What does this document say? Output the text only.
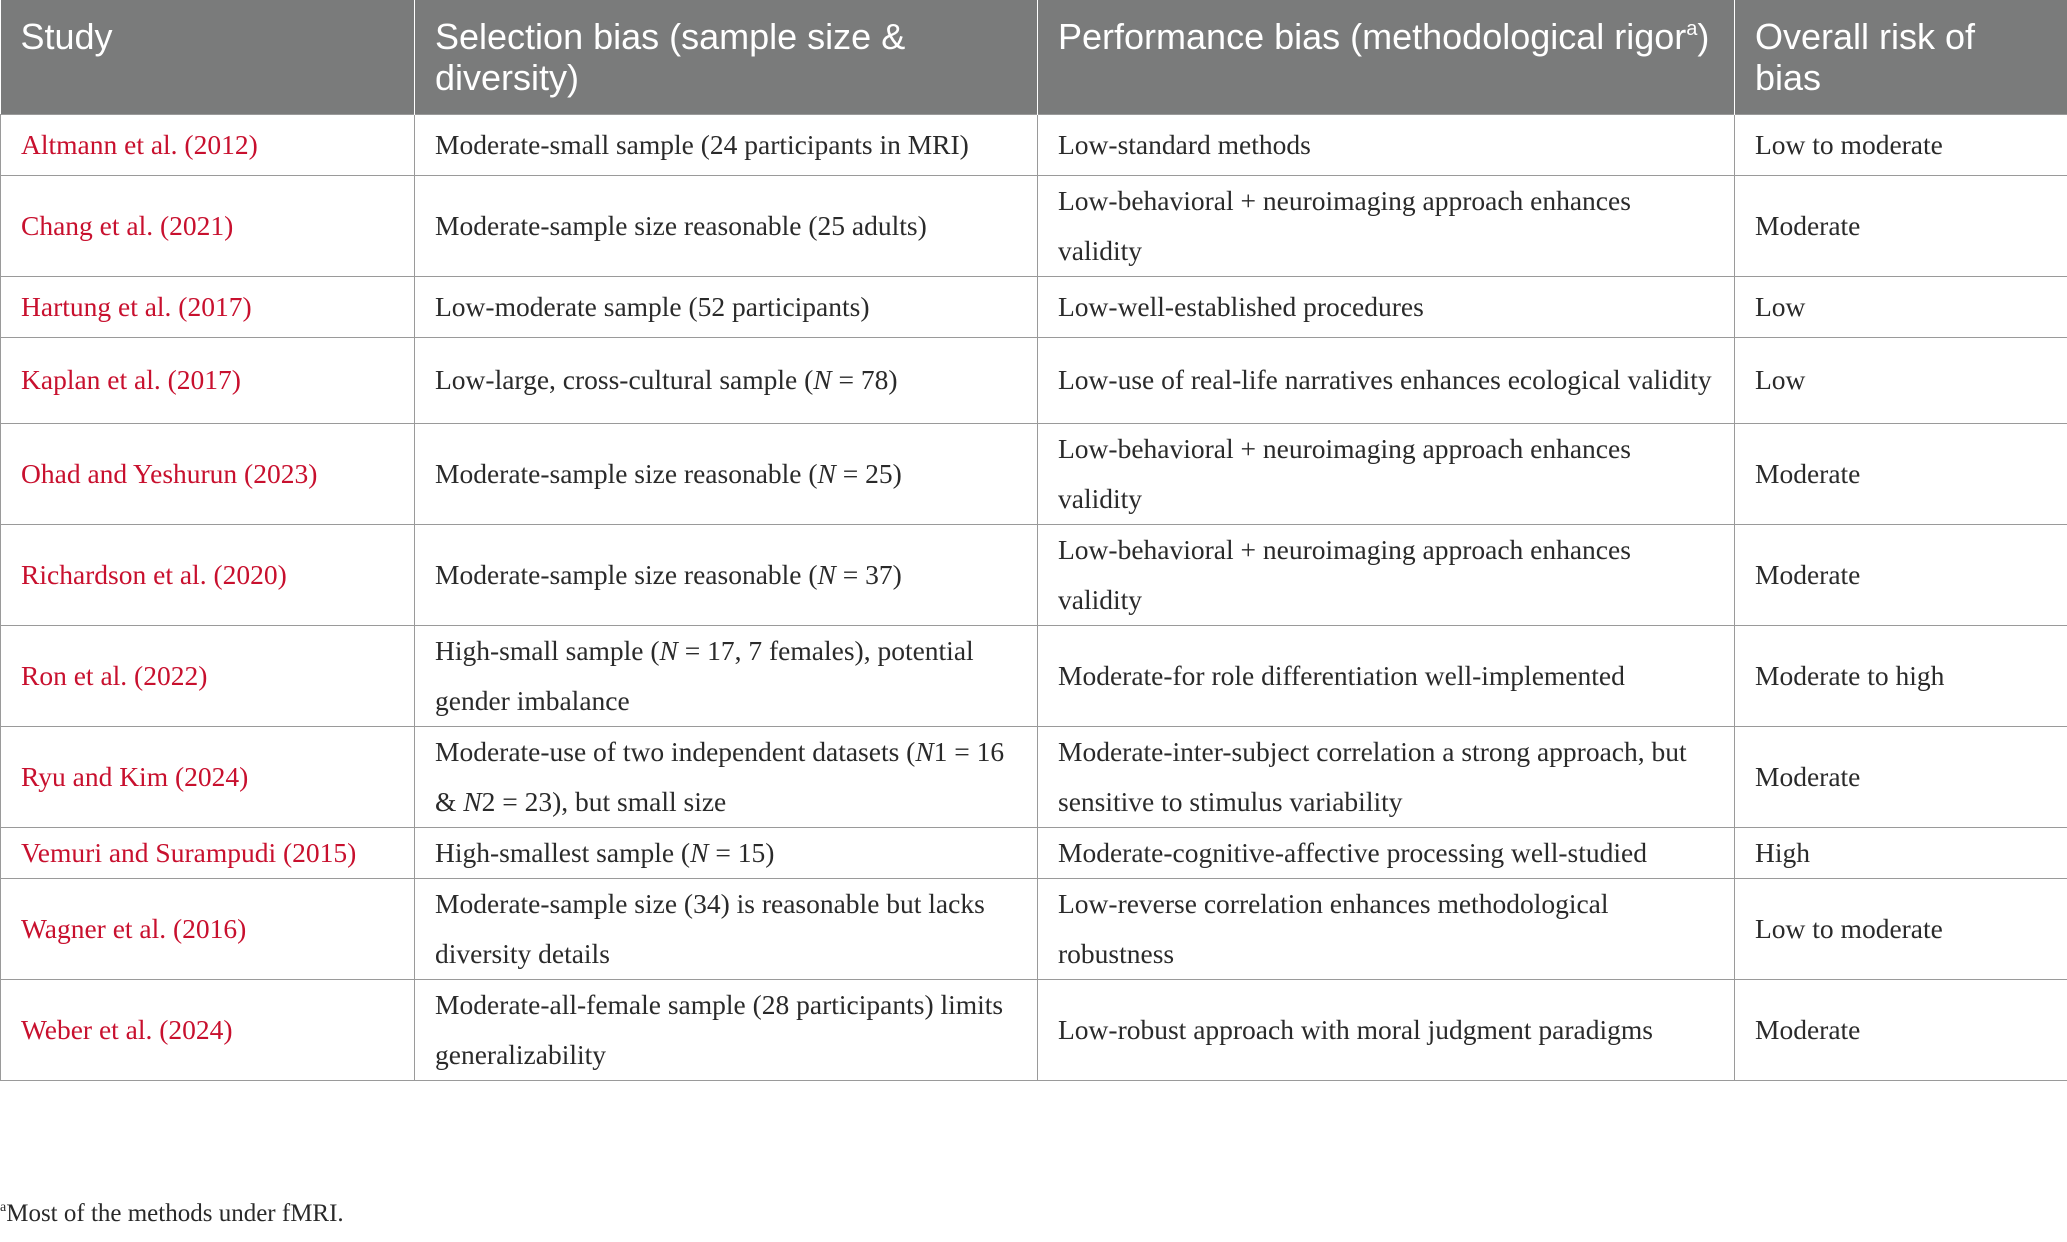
Study	Selection bias (sample size & diversity)	Performance bias (methodological rigor$^a$)	Overall risk of bias
Altmann et al. (2012)	Moderate-small sample (24 participants in MRI)	Low-standard methods	Low to moderate
Chang et al. (2021)	Moderate-sample size reasonable (25 adults)	Low-behavioral + neuroimaging approach enhances validity	Moderate
Hartung et al. (2017)	Low-moderate sample (52 participants)	Low-well-established procedures	Low
Kaplan et al. (2017)	Low-large, cross-cultural sample (N = 78)	Low-use of real-life narratives enhances ecological validity	Low
Ohad and Yeshurun (2023)	Moderate-sample size reasonable (N = 25)	Low-behavioral + neuroimaging approach enhances validity	Moderate
Richardson et al. (2020)	Moderate-sample size reasonable (N = 37)	Low-behavioral + neuroimaging approach enhances validity	Moderate
Ron et al. (2022)	High-small sample (N = 17, 7 females), potential gender imbalance	Moderate-for role differentiation well-implemented	Moderate to high
Ryu and Kim (2024)	Moderate-use of two independent datasets (N1 = 16 & N2 = 23), but small size	Moderate-inter-subject correlation a strong approach, but sensitive to stimulus variability	Moderate
Vemuri and Surampudi (2015)	High-smallest sample (N = 15)	Moderate-cognitive-affective processing well-studied	High
Wagner et al. (2016)	Moderate-sample size (34) is reasonable but lacks diversity details	Low-reverse correlation enhances methodological robustness	Low to moderate
Weber et al. (2024)	Moderate-all-female sample (28 participants) limits generalizability	Low-robust approach with moral judgment paradigms	Moderate
$^a$Most of the methods under fMRI.
